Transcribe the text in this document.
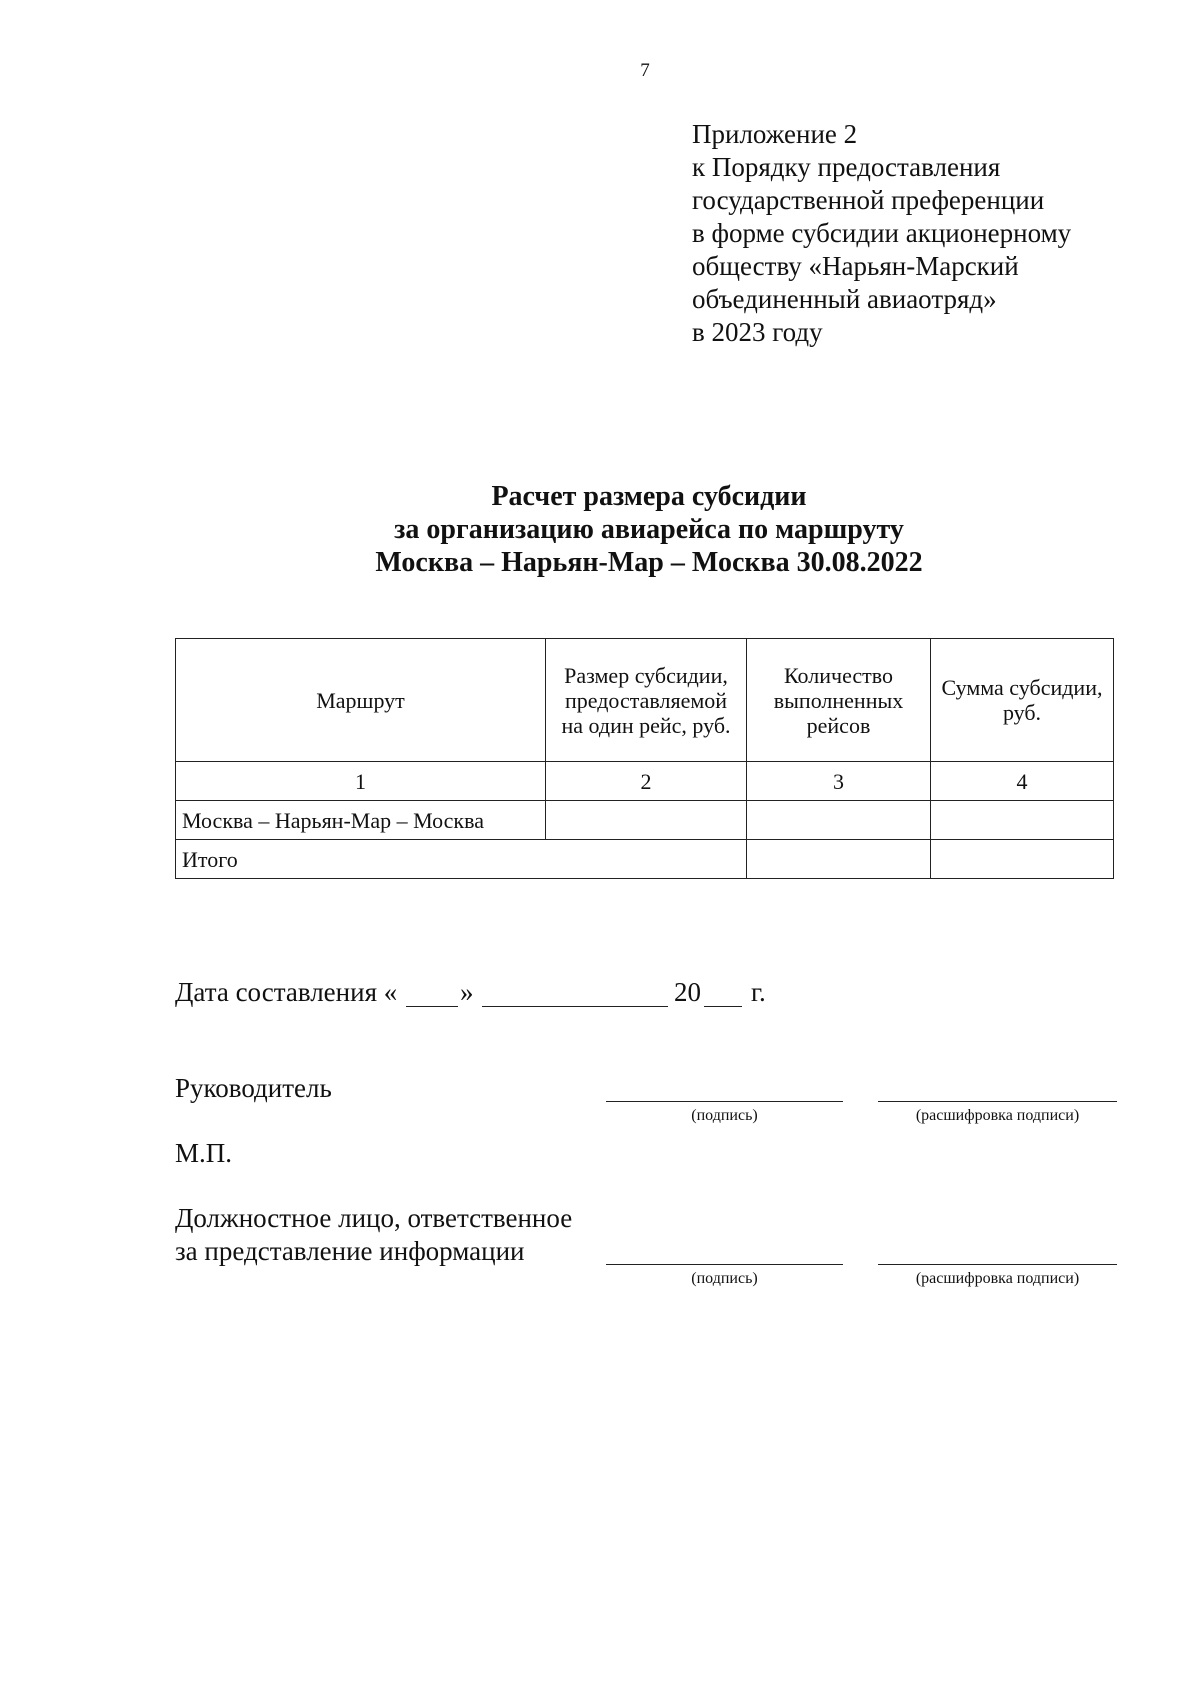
7
Приложение 2
к Порядку предоставления
государственной преференции
в форме субсидии акционерному
обществу «Нарьян-Марский
объединенный авиаотряд»
в 2023 году
Расчет размера субсидии
за организацию авиарейса по маршруту
Москва – Нарьян-Мар – Москва 30.08.2022
Маршрут	Размер субсидии, предоставляемой на один рейс, руб.	Количество выполненных рейсов	Сумма субсидии, руб.
1	2	3	4
Москва – Нарьян-Мар – Москва			
Итого			
Дата составления « »	20 г.
Руководитель
(подпись)	(расшифровка подписи)
М.П.
Должностное лицо, ответственное
за представление информации
(подпись)	(расшифровка подписи)
